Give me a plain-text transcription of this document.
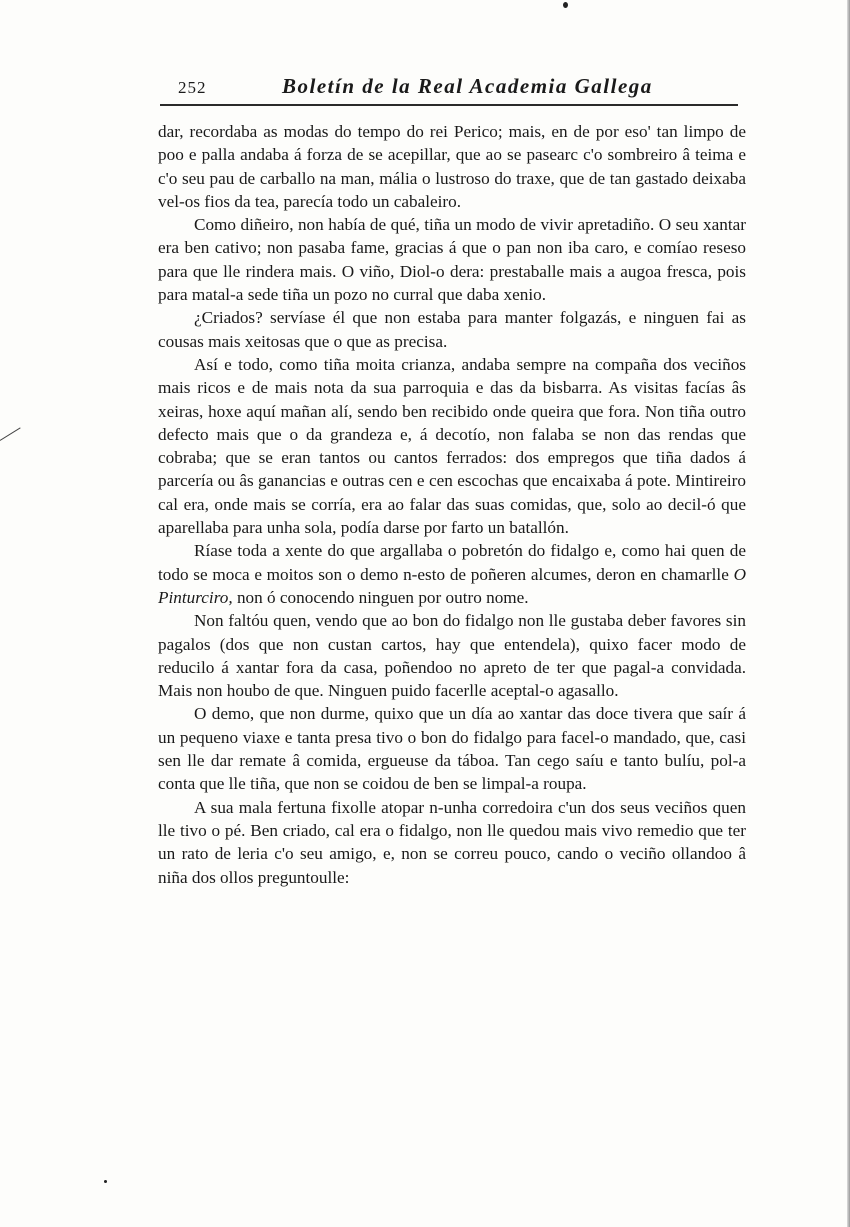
252	Boletín de la Real Academia Gallega

dar, recordaba as modas do tempo do rei Perico; mais, en de por eso' tan limpo de poo e palla andaba á forza de se acepillar, que ao se pasearc c'o sombreiro â teima e c'o seu pau de carballo na man, mália o lustroso do traxe, que de tan gastado deixaba vel-os fios da tea, parecía todo un cabaleiro.

Como diñeiro, non había de qué, tiña un modo de vivir apretadiño. O seu xantar era ben cativo; non pasaba fame, gracias á que o pan non iba caro, e comíao reseso para que lle rindera mais. O viño, Diol-o dera: prestaballe mais a augoa fresca, pois para matal-a sede tiña un pozo no curral que daba xenio.

¿Criados? servíase él que non estaba para manter folgazás, e ninguen fai as cousas mais xeitosas que o que as precisa.

Así e todo, como tiña moita crianza, andaba sempre na compaña dos veciños mais ricos e de mais nota da sua parroquia e das da bisbarra. As visitas facías âs xeiras, hoxe aquí mañan alí, sendo ben recibido onde queira que fora. Non tiña outro defecto mais que o da grandeza e, á decotío, non falaba se non das rendas que cobraba; que se eran tantos ou cantos ferrados: dos empregos que tiña dados á parcería ou âs ganancias e outras cen e cen escochas que encaixaba á pote. Mintireiro cal era, onde mais se corría, era ao falar das suas comidas, que, solo ao decil-ó que aparellaba para unha sola, podía darse por farto un batallón.

Ríase toda a xente do que argallaba o pobretón do fidalgo e, como hai quen de todo se moca e moitos son o demo n-esto de poñeren alcumes, deron en chamarlle O Pinturciro, non ó conocendo ninguen por outro nome.

Non faltóu quen, vendo que ao bon do fidalgo non lle gustaba deber favores sin pagalos (dos que non custan cartos, hay que entendela), quixo facer modo de reducilo á xantar fora da casa, poñendoo no apreto de ter que pagal-a convidada. Mais non houbo de que. Ninguen puido facerlle aceptal-o agasallo.

O demo, que non durme, quixo que un día ao xantar das doce tivera que saír á un pequeno viaxe e tanta presa tivo o bon do fidalgo para facel-o mandado, que, casi sen lle dar remate â comida, ergueuse da táboa. Tan cego saíu e tanto bulíu, pol-a conta que lle tiña, que non se coidou de ben se limpal-a roupa.

A sua mala fertuna fixolle atopar n-unha corredoira c'un dos seus veciños quen lle tivo o pé. Ben criado, cal era o fidalgo, non lle quedou mais vivo remedio que ter un rato de leria c'o seu amigo, e, non se correu pouco, cando o veciño ollandoo â niña dos ollos preguntoulle:
